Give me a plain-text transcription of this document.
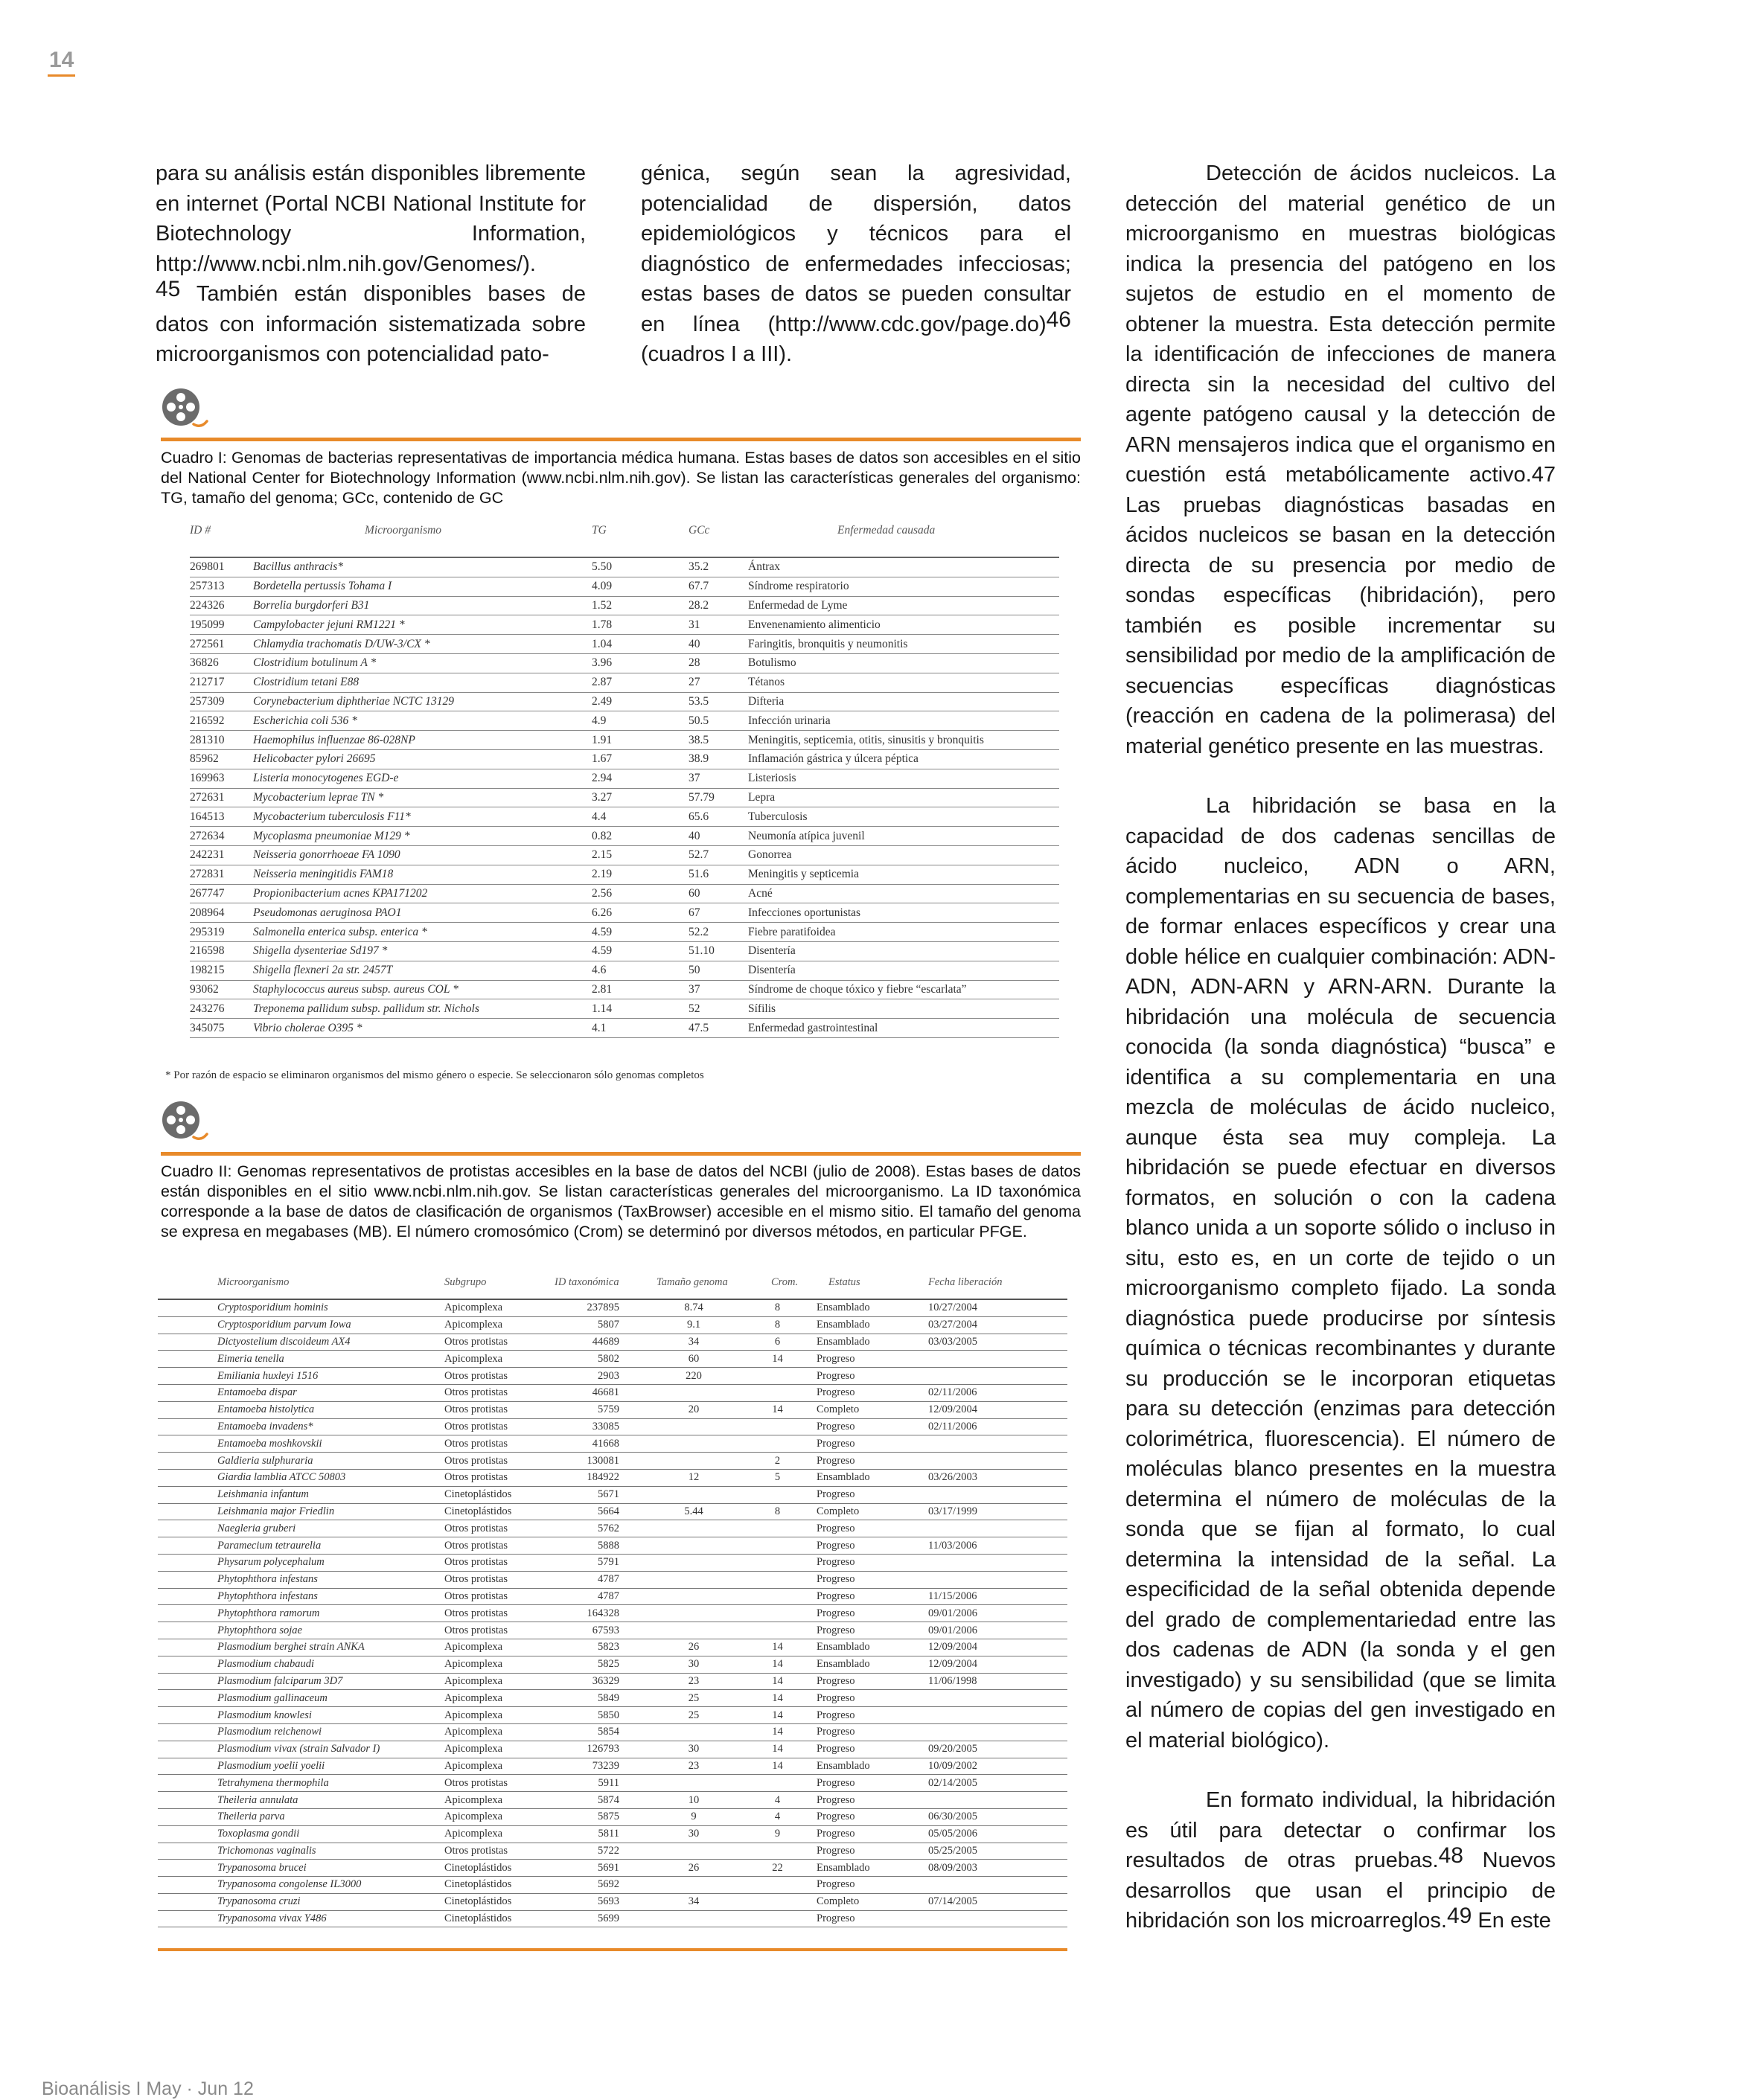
14

para su análisis están disponibles libremente en internet (Portal NCBI National Institute for Biotechnology Information, http://www.ncbi.nlm.nih.gov/Genomes/).
45 También están disponibles bases de datos con información sistematizada sobre microorganismos con potencialidad pato-

génica, según sean la agresividad, potencialidad de dispersión, datos epidemiológicos y técnicos para el diagnóstico de enfermedades infecciosas; estas bases de datos se pueden consultar en línea (http://www.cdc.gov/page.do)46 (cuadros I a III).

Detección de ácidos nucleicos. La detección del material genético de un microorganismo en muestras biológicas indica la presencia del patógeno en los sujetos de estudio en el momento de obtener la muestra. Esta detección permite la identificación de infecciones de manera directa sin la necesidad del cultivo del agente patógeno causal y la detección de ARN mensajeros indica que el organismo en cuestión está metabólicamente activo.47 Las pruebas diagnósticas basadas en ácidos nucleicos se basan en la detección directa de su presencia por medio de sondas específicas (hibridación), pero también es posible incrementar su sensibilidad por medio de la amplificación de secuencias específicas diagnósticas (reacción en cadena de la polimerasa) del material genético presente en las muestras.

La hibridación se basa en la capacidad de dos cadenas sencillas de ácido nucleico, ADN o ARN, complementarias en su secuencia de bases, de formar enlaces específicos y crear una doble hélice en cualquier combinación: ADN-ADN, ADN-ARN y ARN-ARN. Durante la hibridación una molécula de secuencia conocida (la sonda diagnóstica) “busca” e identifica a su complementaria en una mezcla de moléculas de ácido nucleico, aunque ésta sea muy compleja. La hibridación se puede efectuar en diversos formatos, en solución o con la cadena blanco unida a un soporte sólido o incluso in situ, esto es, en un corte de tejido o un microorganismo completo fijado. La sonda diagnóstica puede producirse por síntesis química o técnicas recombinantes y durante su producción se le incorporan etiquetas para su detección (enzimas para detección colorimétrica, fluorescencia). El número de moléculas blanco presentes en la muestra determina el número de moléculas de la sonda que se fijan al formato, lo cual determina la intensidad de la señal. La especificidad de la señal obtenida depende del grado de complementariedad entre las dos cadenas de ADN (la sonda y el gen investigado) y su sensibilidad (que se limita al número de copias del gen investigado en el material biológico).

En formato individual, la hibridación es útil para detectar o confirmar los resultados de otras pruebas.48 Nuevos desarrollos que usan el principio de hibridación son los microarreglos.49 En este

Cuadro I: Genomas de bacterias representativas de importancia médica humana. Estas bases de datos son accesibles en el sitio del National Center for Biotechnology Information (www.ncbi.nlm.nih.gov). Se listan las características generales del organismo: TG, tamaño del genoma; GCc, contenido de GC
ID #	Microorganismo	TG	GCc	Enfermedad causada
269801	Bacillus anthracis*	5.50	35.2	Ántrax
257313	Bordetella pertussis Tohama I	4.09	67.7	Síndrome respiratorio
224326	Borrelia burgdorferi B31	1.52	28.2	Enfermedad de Lyme
195099	Campylobacter jejuni RM1221 *	1.78	31	Envenenamiento alimenticio
272561	Chlamydia trachomatis D/UW-3/CX *	1.04	40	Faringitis, bronquitis y neumonitis
36826	Clostridium botulinum A *	3.96	28	Botulismo
212717	Clostridium tetani E88	2.87	27	Tétanos
257309	Corynebacterium diphtheriae NCTC 13129	2.49	53.5	Difteria
216592	Escherichia coli 536 *	4.9	50.5	Infección urinaria
281310	Haemophilus influenzae 86-028NP	1.91	38.5	Meningitis, septicemia, otitis, sinusitis y bronquitis
85962	Helicobacter pylori 26695	1.67	38.9	Inflamación gástrica y úlcera péptica
169963	Listeria monocytogenes EGD-e	2.94	37	Listeriosis
272631	Mycobacterium leprae TN *	3.27	57.79	Lepra
164513	Mycobacterium tuberculosis F11*	4.4	65.6	Tuberculosis
272634	Mycoplasma pneumoniae M129 *	0.82	40	Neumonía atípica juvenil
242231	Neisseria gonorrhoeae FA 1090	2.15	52.7	Gonorrea
272831	Neisseria meningitidis FAM18	2.19	51.6	Meningitis y septicemia
267747	Propionibacterium acnes KPA171202	2.56	60	Acné
208964	Pseudomonas aeruginosa PAO1	6.26	67	Infecciones oportunistas
295319	Salmonella enterica subsp. enterica *	4.59	52.2	Fiebre paratifoidea
216598	Shigella dysenteriae Sd197 *	4.59	51.10	Disentería
198215	Shigella flexneri 2a str. 2457T	4.6	50	Disentería
93062	Staphylococcus aureus subsp. aureus COL *	2.81	37	Síndrome de choque tóxico y fiebre “escarlata”
243276	Treponema pallidum subsp. pallidum str. Nichols	1.14	52	Sífilis
345075	Vibrio cholerae O395 *	4.1	47.5	Enfermedad gastrointestinal
* Por razón de espacio se eliminaron organismos del mismo género o especie. Se seleccionaron sólo genomas completos
Cuadro II: Genomas representativos de protistas accesibles en la base de datos del NCBI (julio de 2008). Estas bases de datos están disponibles en el sitio www.ncbi.nlm.nih.gov. Se listan características generales del microorganismo. La ID taxonómica corresponde a la base de datos de clasificación de organismos (TaxBrowser) accesible en el mismo sitio. El tamaño del genoma se expresa en megabases (MB). El número cromosómico (Crom) se determinó por diversos métodos, en particular PFGE.
Microorganismo	Subgrupo	ID taxonómica	Tamaño genoma	Crom.	Estatus	Fecha liberación
Cryptosporidium hominis	Apicomplexa	237895	8.74	8	Ensamblado	10/27/2004
Cryptosporidium parvum Iowa	Apicomplexa	5807	9.1	8	Ensamblado	03/27/2004
Dictyostelium discoideum AX4	Otros protistas	44689	34	6	Ensamblado	03/03/2005
Eimeria tenella	Apicomplexa	5802	60	14	Progreso	
Emiliania huxleyi 1516	Otros protistas	2903	220		Progreso	
Entamoeba dispar	Otros protistas	46681			Progreso	02/11/2006
Entamoeba histolytica	Otros protistas	5759	20	14	Completo	12/09/2004
Entamoeba invadens*	Otros protistas	33085			Progreso	02/11/2006
Entamoeba moshkovskii	Otros protistas	41668			Progreso	
Galdieria sulphuraria	Otros protistas	130081		2	Progreso	
Giardia lamblia ATCC 50803	Otros protistas	184922	12	5	Ensamblado	03/26/2003
Leishmania infantum	Cinetoplástidos	5671			Progreso	
Leishmania major Friedlin	Cinetoplástidos	5664	5.44	8	Completo	03/17/1999
Naegleria gruberi	Otros protistas	5762			Progreso	
Paramecium tetraurelia	Otros protistas	5888			Progreso	11/03/2006
Physarum polycephalum	Otros protistas	5791			Progreso	
Phytophthora infestans	Otros protistas	4787			Progreso	
Phytophthora infestans	Otros protistas	4787			Progreso	11/15/2006
Phytophthora ramorum	Otros protistas	164328			Progreso	09/01/2006
Phytophthora sojae	Otros protistas	67593			Progreso	09/01/2006
Plasmodium berghei strain ANKA	Apicomplexa	5823	26	14	Ensamblado	12/09/2004
Plasmodium chabaudi	Apicomplexa	5825	30	14	Ensamblado	12/09/2004
Plasmodium falciparum 3D7	Apicomplexa	36329	23	14	Progreso	11/06/1998
Plasmodium gallinaceum	Apicomplexa	5849	25	14	Progreso	
Plasmodium knowlesi	Apicomplexa	5850	25	14	Progreso	
Plasmodium reichenowi	Apicomplexa	5854		14	Progreso	
Plasmodium vivax (strain Salvador I)	Apicomplexa	126793	30	14	Progreso	09/20/2005
Plasmodium yoelii yoelii	Apicomplexa	73239	23	14	Ensamblado	10/09/2002
Tetrahymena thermophila	Otros protistas	5911			Progreso	02/14/2005
Theileria annulata	Apicomplexa	5874	10	4	Progreso	
Theileria parva	Apicomplexa	5875	9	4	Progreso	06/30/2005
Toxoplasma gondii	Apicomplexa	5811	30	9	Progreso	05/05/2006
Trichomonas vaginalis	Otros protistas	5722			Progreso	05/25/2005
Trypanosoma brucei	Cinetoplástidos	5691	26	22	Ensamblado	08/09/2003
Trypanosoma congolense IL3000	Cinetoplástidos	5692			Progreso	
Trypanosoma cruzi	Cinetoplástidos	5693	34		Completo	07/14/2005
Trypanosoma vivax Y486	Cinetoplástidos	5699			Progreso	
Bioanálisis I May · Jun 12
